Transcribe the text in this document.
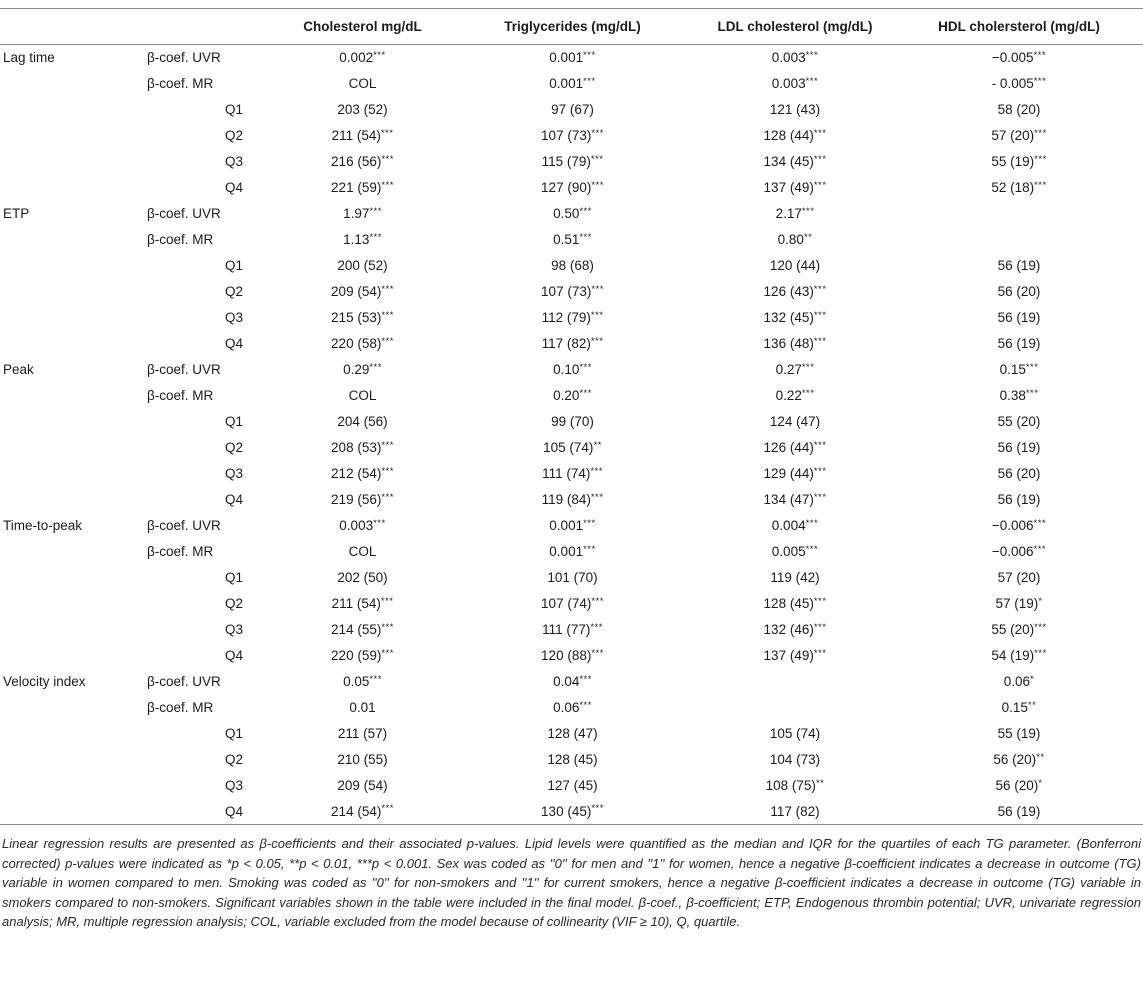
		Cholesterol mg/dL	Triglycerides (mg/dL)	LDL cholesterol (mg/dL)	HDL cholersterol (mg/dL)
Lag time	β-coef. UVR	0.002***	0.001***	0.003***	−0.005***
	β-coef. MR	COL	0.001***	0.003***	- 0.005***
	Q1	203 (52)	97 (67)	121 (43)	58 (20)
	Q2	211 (54)***	107 (73)***	128 (44)***	57 (20)***
	Q3	216 (56)***	115 (79)***	134 (45)***	55 (19)***
	Q4	221 (59)***	127 (90)***	137 (49)***	52 (18)***
ETP	β-coef. UVR	1.97***	0.50***	2.17***	
	β-coef. MR	1.13***	0.51***	0.80**	
	Q1	200 (52)	98 (68)	120 (44)	56 (19)
	Q2	209 (54)***	107 (73)***	126 (43)***	56 (20)
	Q3	215 (53)***	112 (79)***	132 (45)***	56 (19)
	Q4	220 (58)***	117 (82)***	136 (48)***	56 (19)
Peak	β-coef. UVR	0.29***	0.10***	0.27***	0.15***
	β-coef. MR	COL	0.20***	0.22***	0.38***
	Q1	204 (56)	99 (70)	124 (47)	55 (20)
	Q2	208 (53)***	105 (74)**	126 (44)***	56 (19)
	Q3	212 (54)***	111 (74)***	129 (44)***	56 (20)
	Q4	219 (56)***	119 (84)***	134 (47)***	56 (19)
Time-to-peak	β-coef. UVR	0.003***	0.001***	0.004***	−0.006***
	β-coef. MR	COL	0.001***	0.005***	−0.006***
	Q1	202 (50)	101 (70)	119 (42)	57 (20)
	Q2	211 (54)***	107 (74)***	128 (45)***	57 (19)*
	Q3	214 (55)***	111 (77)***	132 (46)***	55 (20)***
	Q4	220 (59)***	120 (88)***	137 (49)***	54 (19)***
Velocity index	β-coef. UVR	0.05***	0.04***		0.06*
	β-coef. MR	0.01	0.06***		0.15**
	Q1	211 (57)	128 (47)	105 (74)	55 (19)
	Q2	210 (55)	128 (45)	104 (73)	56 (20)**
	Q3	209 (54)	127 (45)	108 (75)**	56 (20)*
	Q4	214 (54)***	130 (45)***	117 (82)	56 (19)

Linear regression results are presented as β-coefficients and their associated p-values. Lipid levels were quantified as the median and IQR for the quartiles of each TG parameter. (Bonferroni corrected) p-values were indicated as *p < 0.05, **p < 0.01, ***p < 0.001. Sex was coded as ''0'' for men and ''1'' for women, hence a negative β-coefficient indicates a decrease in outcome (TG) variable in women compared to men. Smoking was coded as ''0'' for non-smokers and ''1'' for current smokers, hence a negative β-coefficient indicates a decrease in outcome (TG) variable in smokers compared to non-smokers. Significant variables shown in the table were included in the final model. β-coef., β-coefficient; ETP, Endogenous thrombin potential; UVR, univariate regression analysis; MR, multiple regression analysis; COL, variable excluded from the model because of collinearity (VIF ≥ 10), Q, quartile.
